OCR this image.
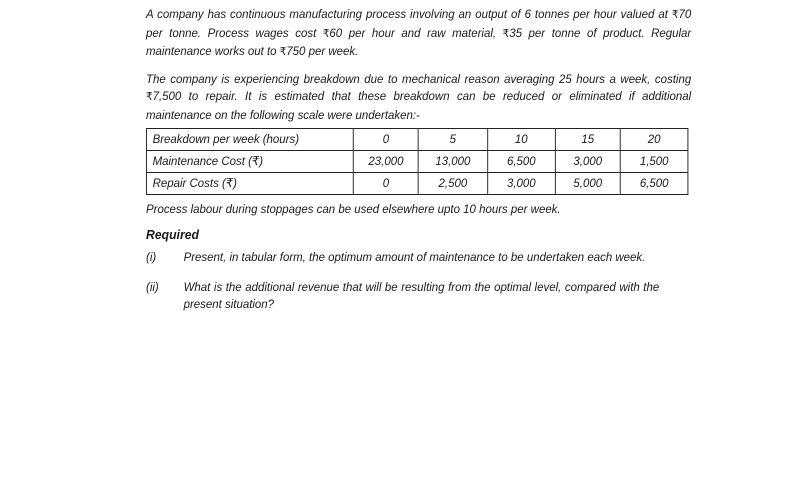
A company has continuous manufacturing process involving an output of 6 tonnes per hour valued at ₹70 per tonne. Process wages cost ₹60 per hour and raw material, ₹35 per tonne of product. Regular maintenance works out to ₹750 per week.

The company is experiencing breakdown due to mechanical reason averaging 25 hours a week, costing ₹7,500 to repair. It is estimated that these breakdown can be reduced or eliminated if additional maintenance on the following scale were undertaken:-

Breakdown per week (hours)	0	5	10	15	20
Maintenance Cost (₹)	23,000	13,000	6,500	3,000	1,500
Repair Costs (₹)	0	2,500	3,000	5,000	6,500

Process labour during stoppages can be used elsewhere upto 10 hours per week.

Required
(i)	Present, in tabular form, the optimum amount of maintenance to be undertaken each week.
(ii)	What is the additional revenue that will be resulting from the optimal level, compared with the present situation?
